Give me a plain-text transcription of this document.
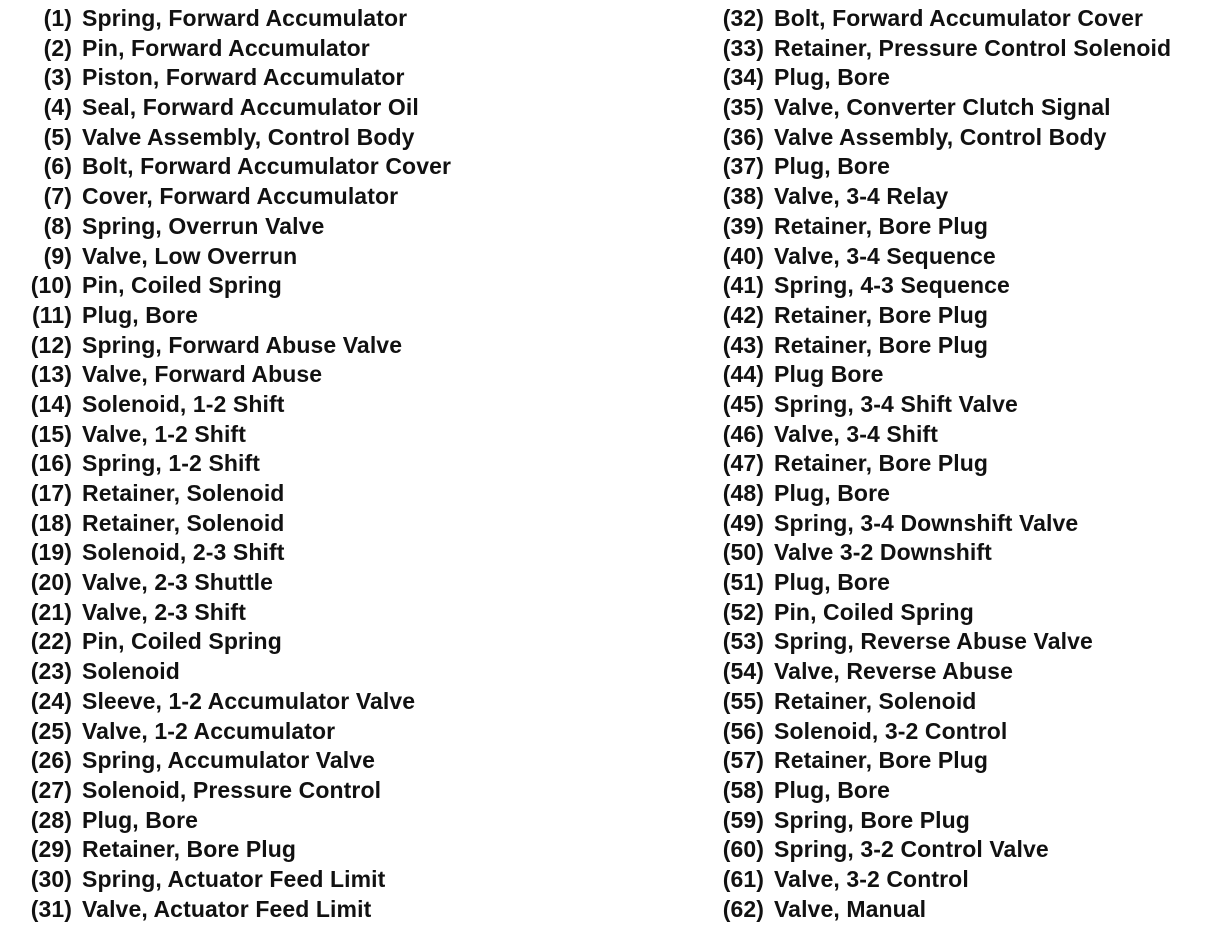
(1) Spring, Forward Accumulator
(2) Pin, Forward Accumulator
(3) Piston, Forward Accumulator
(4) Seal, Forward Accumulator Oil
(5) Valve Assembly, Control Body
(6) Bolt, Forward Accumulator Cover
(7) Cover, Forward Accumulator
(8) Spring, Overrun Valve
(9) Valve, Low Overrun
(10) Pin, Coiled Spring
(11) Plug, Bore
(12) Spring, Forward Abuse Valve
(13) Valve, Forward Abuse
(14) Solenoid, 1-2 Shift
(15) Valve, 1-2 Shift
(16) Spring, 1-2 Shift
(17) Retainer, Solenoid
(18) Retainer, Solenoid
(19) Solenoid, 2-3 Shift
(20) Valve, 2-3 Shuttle
(21) Valve, 2-3 Shift
(22) Pin, Coiled Spring
(23) Solenoid
(24) Sleeve, 1-2 Accumulator Valve
(25) Valve, 1-2 Accumulator
(26) Spring, Accumulator Valve
(27) Solenoid, Pressure Control
(28) Plug, Bore
(29) Retainer, Bore Plug
(30) Spring, Actuator Feed Limit
(31) Valve, Actuator Feed Limit
(32) Bolt, Forward Accumulator Cover
(33) Retainer, Pressure Control Solenoid
(34) Plug, Bore
(35) Valve, Converter Clutch Signal
(36) Valve Assembly, Control Body
(37) Plug, Bore
(38) Valve, 3-4 Relay
(39) Retainer, Bore Plug
(40) Valve, 3-4 Sequence
(41) Spring, 4-3 Sequence
(42) Retainer, Bore Plug
(43) Retainer, Bore Plug
(44) Plug Bore
(45) Spring, 3-4 Shift Valve
(46) Valve, 3-4 Shift
(47) Retainer, Bore Plug
(48) Plug, Bore
(49) Spring, 3-4 Downshift Valve
(50) Valve 3-2 Downshift
(51) Plug, Bore
(52) Pin, Coiled Spring
(53) Spring, Reverse Abuse Valve
(54) Valve, Reverse Abuse
(55) Retainer, Solenoid
(56) Solenoid, 3-2 Control
(57) Retainer, Bore Plug
(58) Plug, Bore
(59) Spring, Bore Plug
(60) Spring, 3-2 Control Valve
(61) Valve, 3-2 Control
(62) Valve, Manual
